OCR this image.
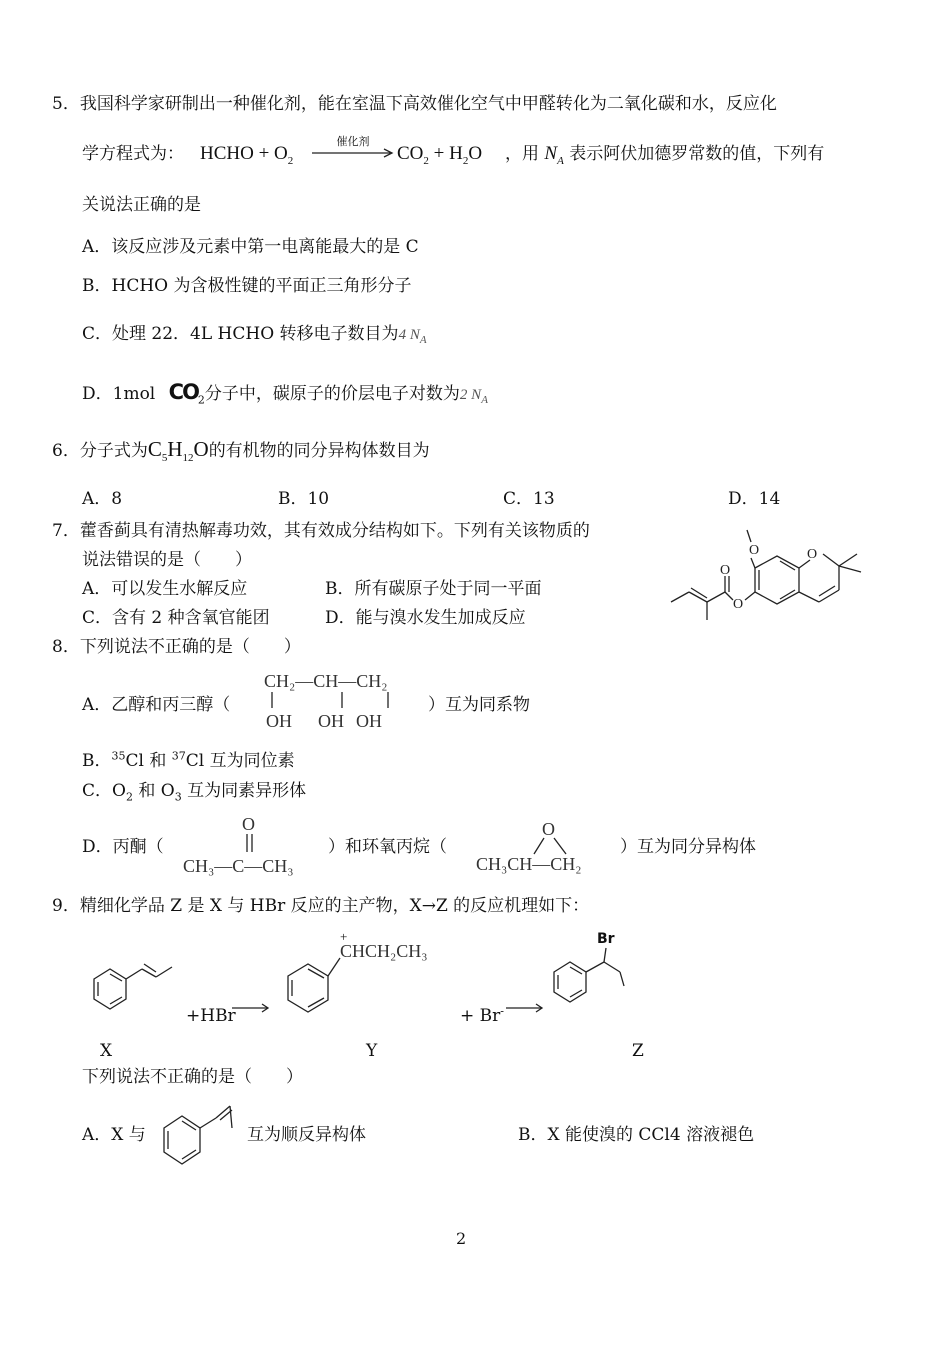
5．我国科学家研制出一种催化剂，能在室温下高效催化空气中甲醛转化为二氧化碳和水，反应化
学方程式为： HCHO + $O_2$
催化剂
$CO_2 + H_2O$ ，用 $N_A$ 表示阿伏加德罗常数的值，下列有
关说法正确的是
A．该反应涉及元素中第一电离能最大的是 C
B．HCHO 为含极性键的平面正三角形分子
C．处理 22．4L HCHO 转移电子数目为4 $N_A$
D．1mol $CO_2$分子中，碳原子的价层电子对数为2 $N_A$
6．分子式为$C_5H_{12}O$的有机物的同分异构体数目为
A．8	B．10	C．13	D．14
7．藿香蓟具有清热解毒功效，其有效成分结构如下。下列有关该物质的
说法错误的是（　　）
A．可以发生水解反应	B．所有碳原子处于同一平面
C．含有 2 种含氧官能团	D．能与溴水发生加成反应
O	O
O
O
8．下列说法不正确的是（　　）
A．乙醇和丙三醇（
CH₂—CH—CH₂
OH OH OH
）互为同系物
B．$^{35}$Cl 和 $^{37}$Cl 互为同位素
C．$O_2$ 和 $O_3$ 互为同素异形体
D．丙酮（
O
CH₃—C—CH₃
）和环氧丙烷（
O
CH₃CH—CH₂
）互为同分异构体
9．精细化学品 Z 是 X 与 HBr 反应的主产物，X→Z 的反应机理如下：
+HBr
+
CHCH₂CH₃
+ Br-
Br
X	Y	Z
下列说法不正确的是（　　）
A．X 与	互为顺反异构体	B．X 能使溴的 CCl4 溶液褪色
2
